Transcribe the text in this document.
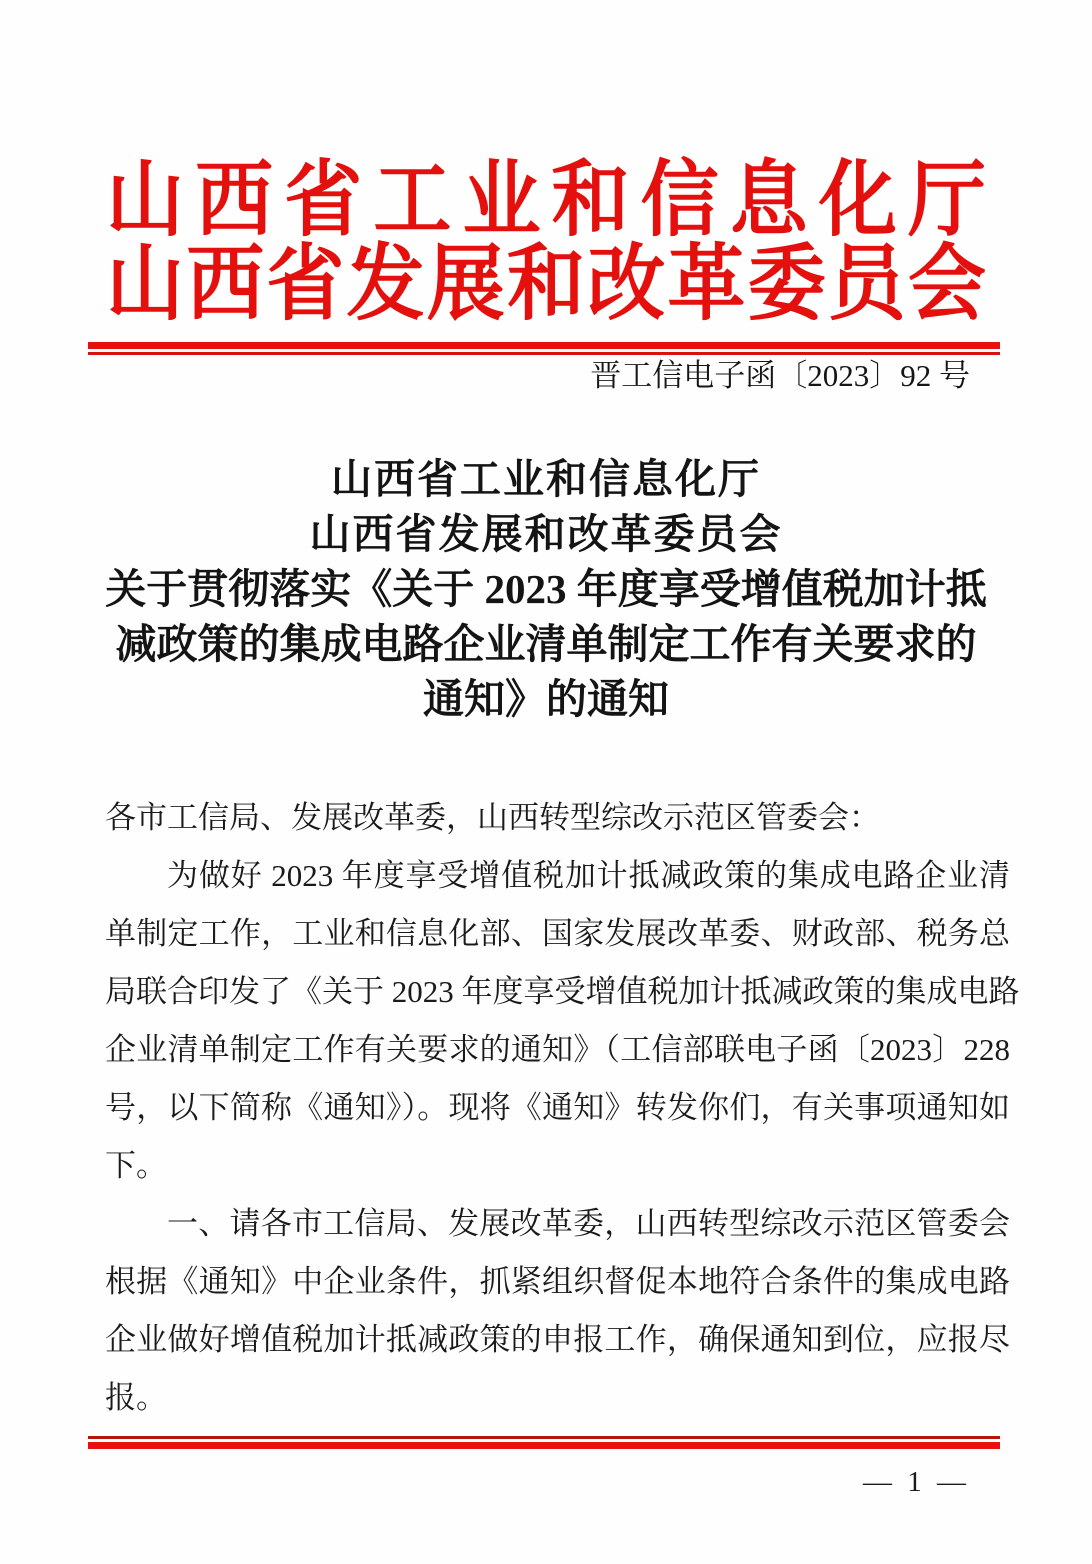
山西省工业和信息化厅
山西省发展和改革委员会
晋工信电子函〔2023〕92 号
山西省工业和信息化厅
山西省发展和改革委员会
关于贯彻落实《关于 2023 年度享受增值税加计抵
减政策的集成电路企业清单制定工作有关要求的
通知》的通知
各市工信局、发展改革委，山西转型综改示范区管委会：
为做好 2023 年度享受增值税加计抵减政策的集成电路企业清
单制定工作，工业和信息化部、国家发展改革委、财政部、税务总
局联合印发了《关于 2023 年度享受增值税加计抵减政策的集成电路
企业清单制定工作有关要求的通知》（工信部联电子函〔2023〕228
号，以下简称《通知》）。现将《通知》转发你们，有关事项通知如
下。
一、请各市工信局、发展改革委，山西转型综改示范区管委会
根据《通知》中企业条件，抓紧组织督促本地符合条件的集成电路
企业做好增值税加计抵减政策的申报工作，确保通知到位，应报尽
报。
— 1 —
